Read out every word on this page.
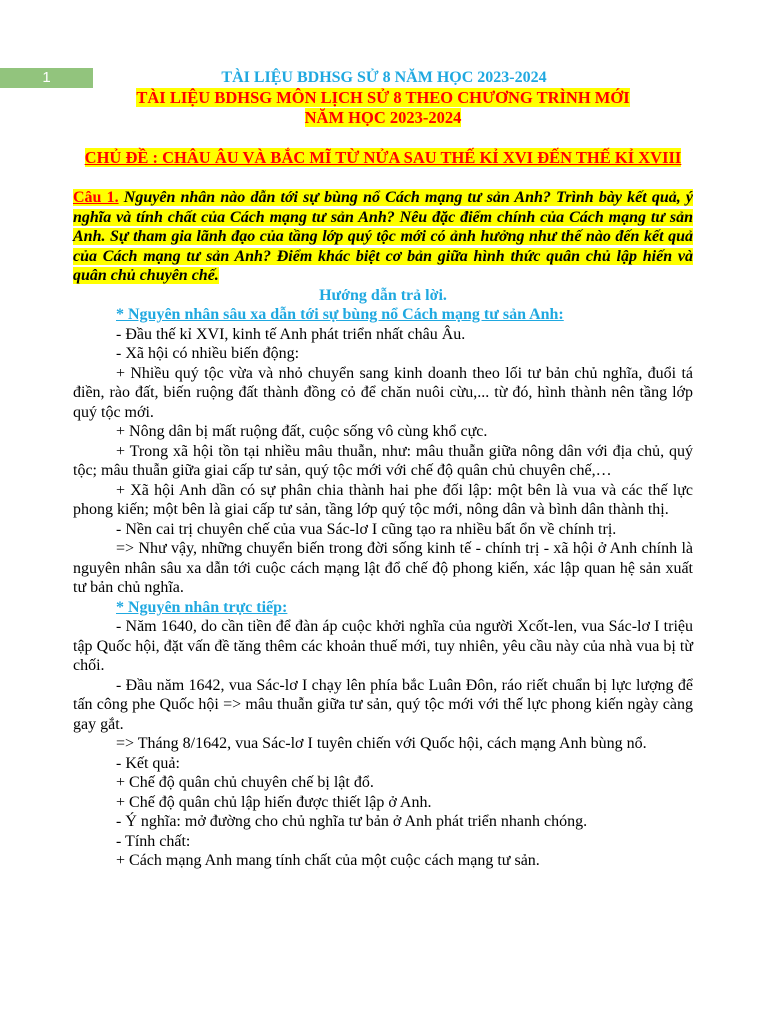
1	TÀI LIỆU BDHSG SỬ 8 NĂM HỌC 2023-2024

TÀI LIỆU BDHSG MÔN LỊCH SỬ 8 THEO CHƯƠNG TRÌNH MỚI
NĂM HỌC 2023-2024

CHỦ ĐỀ : CHÂU ÂU VÀ BẮC MĨ TỪ NỬA SAU THẾ KỈ XVI ĐẾN THẾ KỈ XVIII

Câu 1. Nguyên nhân nào dẫn tới sự bùng nổ Cách mạng tư sản Anh? Trình bày kết quả, ý nghĩa và tính chất của Cách mạng tư sản Anh? Nêu đặc điểm chính của Cách mạng tư sản Anh. Sự tham gia lãnh đạo của tầng lớp quý tộc mới có ảnh hưởng như thế nào đến kết quả của Cách mạng tư sản Anh? Điểm khác biệt cơ bản giữa hình thức quân chủ lập hiến và quân chủ chuyên chế.

Hướng dẫn trả lời.

* Nguyên nhân sâu xa dẫn tới sự bùng nổ Cách mạng tư sản Anh:

- Đầu thế kỉ XVI, kinh tế Anh phát triển nhất châu Âu.

- Xã hội có nhiều biến động:

+ Nhiều quý tộc vừa và nhỏ chuyển sang kinh doanh theo lối tư bản chủ nghĩa, đuổi tá điền, rào đất, biến ruộng đất thành đồng cỏ để chăn nuôi cừu,... từ đó, hình thành nên tầng lớp quý tộc mới.

+ Nông dân bị mất ruộng đất, cuộc sống vô cùng khổ cực.

+ Trong xã hội tồn tại nhiều mâu thuẫn, như: mâu thuẫn giữa nông dân với địa chủ, quý tộc; mâu thuẫn giữa giai cấp tư sản, quý tộc mới với chế độ quân chủ chuyên chế,…

+ Xã hội Anh dần có sự phân chia thành hai phe đối lập: một bên là vua và các thế lực phong kiến; một bên là giai cấp tư sản, tầng lớp quý tộc mới, nông dân và bình dân thành thị.

- Nền cai trị chuyên chế của vua Sác-lơ I cũng tạo ra nhiều bất ổn về chính trị.

=> Như vậy, những chuyển biến trong đời sống kinh tế - chính trị - xã hội ở Anh chính là nguyên nhân sâu xa dẫn tới cuộc cách mạng lật đổ chế độ phong kiến, xác lập quan hệ sản xuất tư bản chủ nghĩa.

* Nguyên nhân trực tiếp:

- Năm 1640, do cần tiền để đàn áp cuộc khởi nghĩa của người Xcốt-len, vua Sác-lơ I triệu tập Quốc hội, đặt vấn đề tăng thêm các khoản thuế mới, tuy nhiên, yêu cầu này của nhà vua bị từ chối.

- Đầu năm 1642, vua Sác-lơ I chạy lên phía bắc Luân Đôn, ráo riết chuẩn bị lực lượng để tấn công phe Quốc hội => mâu thuẫn giữa tư sản, quý tộc mới với thế lực phong kiến ngày càng gay gắt.

=> Tháng 8/1642, vua Sác-lơ I tuyên chiến với Quốc hội, cách mạng Anh bùng nổ.

- Kết quả:

+ Chế độ quân chủ chuyên chế bị lật đổ.

+ Chế độ quân chủ lập hiến được thiết lập ở Anh.

- Ý nghĩa: mở đường cho chủ nghĩa tư bản ở Anh phát triển nhanh chóng.

- Tính chất:

+ Cách mạng Anh mang tính chất của một cuộc cách mạng tư sản.
